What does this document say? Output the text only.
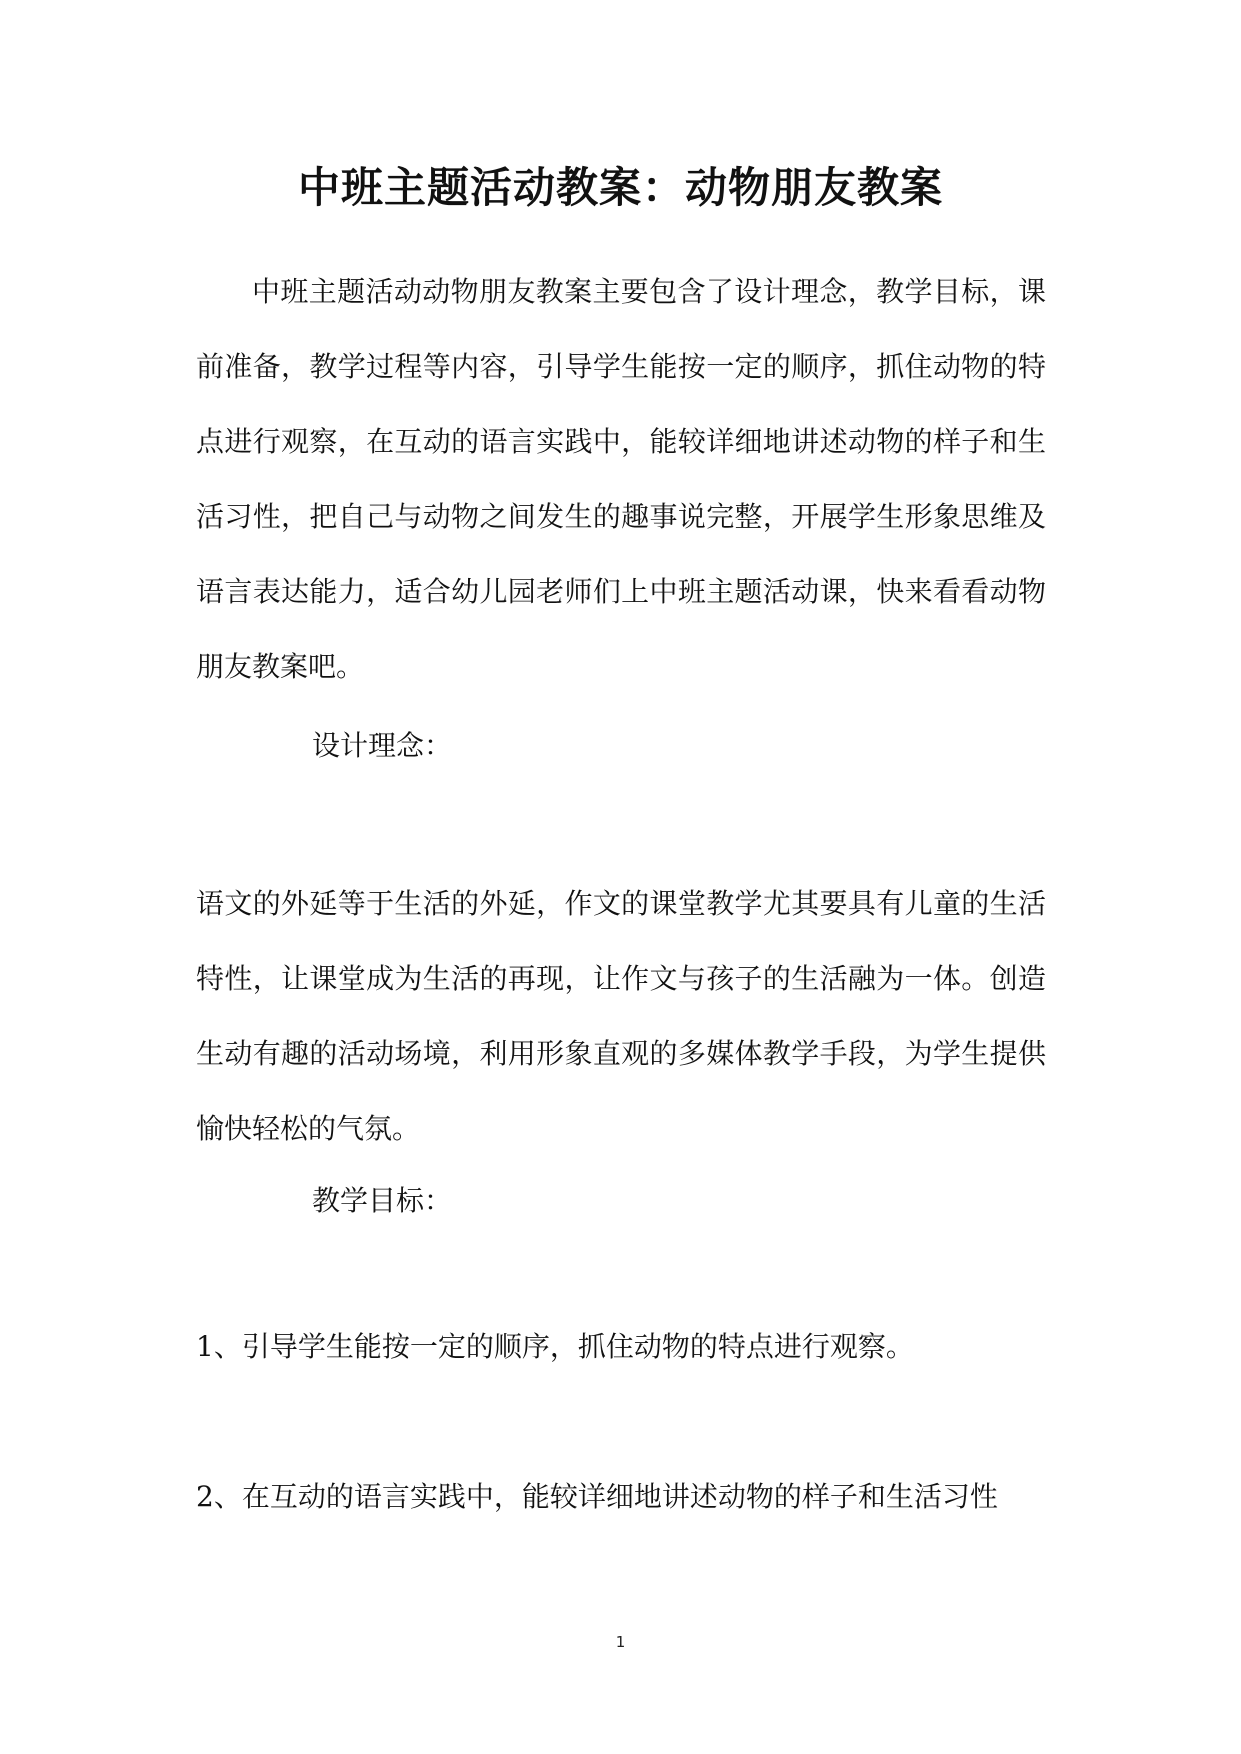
中班主题活动教案：动物朋友教案
中班主题活动动物朋友教案主要包含了设计理念，教学目标，课前准备，教学过程等内容，引导学生能按一定的顺序，抓住动物的特点进行观察，在互动的语言实践中，能较详细地讲述动物的样子和生活习性，把自己与动物之间发生的趣事说完整，开展学生形象思维及语言表达能力，适合幼儿园老师们上中班主题活动课，快来看看动物朋友教案吧。
设计理念：
语文的外延等于生活的外延，作文的课堂教学尤其要具有儿童的生活特性，让课堂成为生活的再现，让作文与孩子的生活融为一体。创造生动有趣的活动场境，利用形象直观的多媒体教学手段，为学生提供愉快轻松的气氛。
教学目标：
1、引导学生能按一定的顺序，抓住动物的特点进行观察。
2、在互动的语言实践中，能较详细地讲述动物的样子和生活习性
1
